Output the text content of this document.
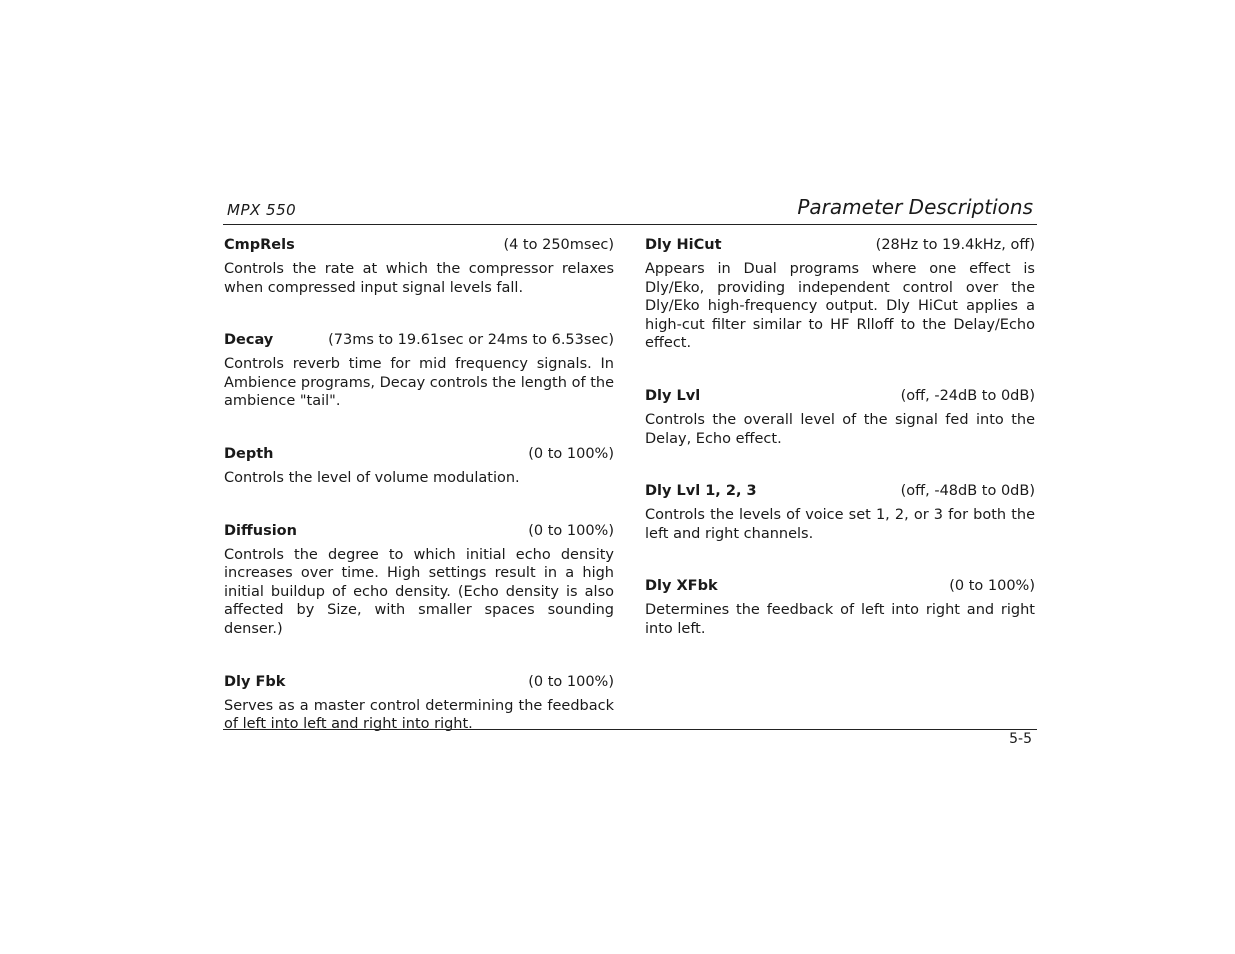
MPX 550	Parameter Descriptions
CmpRels	(4 to 250msec)

Controls the rate at which the compressor relaxes when compressed input signal levels fall.

Decay	(73ms to 19.61sec or 24ms to 6.53sec)

Controls reverb time for mid frequency signals. In Ambience programs, Decay controls the length of the ambience "tail".

Depth	(0 to 100%)

Controls the level of volume modulation.

Diffusion	(0 to 100%)

Controls the degree to which initial echo density increases over time. High settings result in a high initial buildup of echo density. (Echo density is also affected by Size, with smaller spaces sounding denser.)

Dly Fbk	(0 to 100%)

Serves as a master control determining the feedback of left into left and right into right.

Dly HiCut	(28Hz to 19.4kHz, off)

Appears in Dual programs where one effect is Dly/Eko, providing independent control over the Dly/Eko high-frequency output. Dly HiCut applies a high-cut filter similar to HF Rlloff to the Delay/Echo effect.

Dly Lvl	(off, -24dB to 0dB)

Controls the overall level of the signal fed into the Delay, Echo effect.

Dly Lvl 1, 2, 3	(off, -48dB to 0dB)

Controls the levels of voice set 1, 2, or 3 for both the left and right channels.

Dly XFbk	(0 to 100%)

Determines the feedback of left into right and right into left.

5-5
